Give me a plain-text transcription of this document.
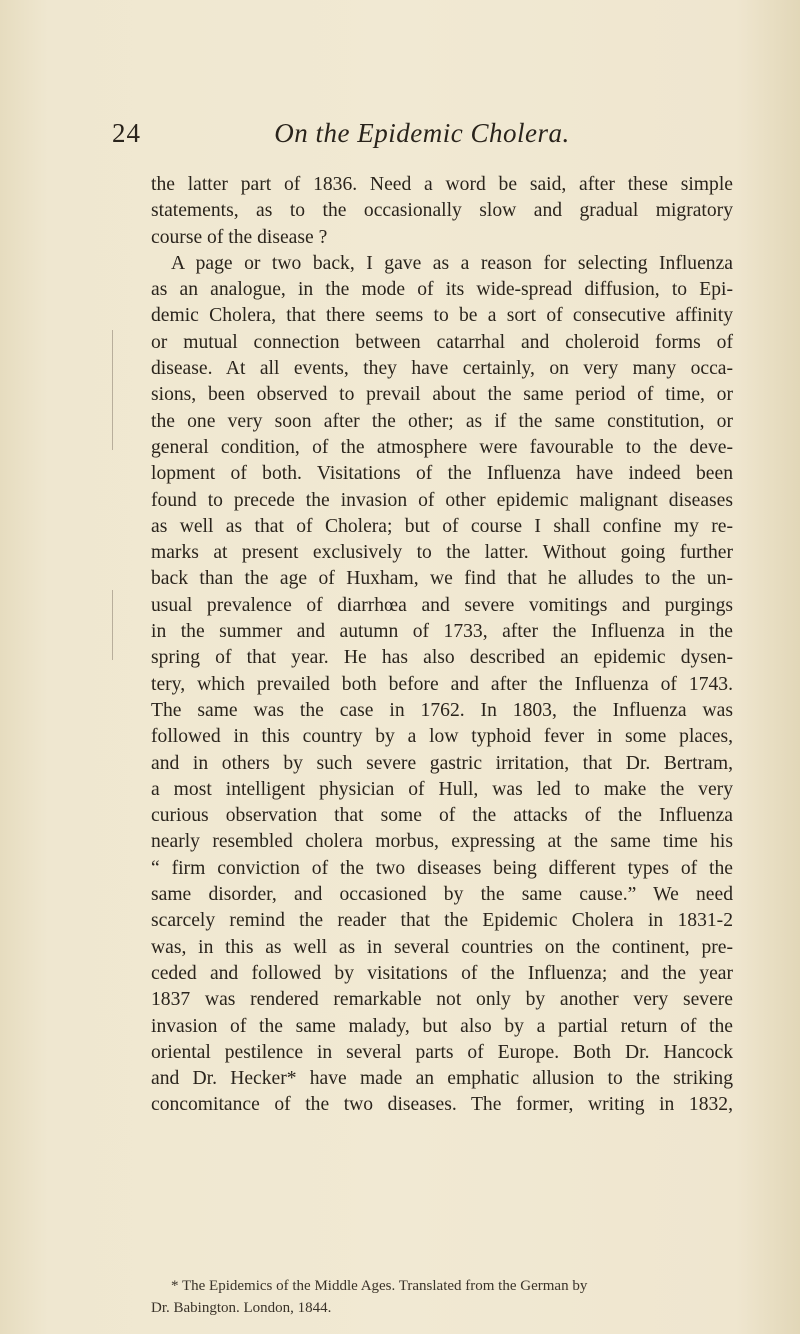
24	On the Epidemic Cholera.
the latter part of 1836. Need a word be said, after these simple
statements, as to the occasionally slow and gradual migratory
course of the disease ?
A page or two back, I gave as a reason for selecting Influenza
as an analogue, in the mode of its wide-spread diffusion, to Epi-
demic Cholera, that there seems to be a sort of consecutive affinity
or mutual connection between catarrhal and choleroid forms of
disease. At all events, they have certainly, on very many occa-
sions, been observed to prevail about the same period of time, or
the one very soon after the other; as if the same constitution, or
general condition, of the atmosphere were favourable to the deve-
lopment of both. Visitations of the Influenza have indeed been
found to precede the invasion of other epidemic malignant diseases
as well as that of Cholera; but of course I shall confine my re-
marks at present exclusively to the latter. Without going further
back than the age of Huxham, we find that he alludes to the un-
usual prevalence of diarrhœa and severe vomitings and purgings
in the summer and autumn of 1733, after the Influenza in the
spring of that year. He has also described an epidemic dysen-
tery, which prevailed both before and after the Influenza of 1743.
The same was the case in 1762. In 1803, the Influenza was
followed in this country by a low typhoid fever in some places,
and in others by such severe gastric irritation, that Dr. Bertram,
a most intelligent physician of Hull, was led to make the very
curious observation that some of the attacks of the Influenza
nearly resembled cholera morbus, expressing at the same time his
“ firm conviction of the two diseases being different types of the
same disorder, and occasioned by the same cause.” We need
scarcely remind the reader that the Epidemic Cholera in 1831-2
was, in this as well as in several countries on the continent, pre-
ceded and followed by visitations of the Influenza; and the year
1837 was rendered remarkable not only by another very severe
invasion of the same malady, but also by a partial return of the
oriental pestilence in several parts of Europe. Both Dr. Hancock
and Dr. Hecker* have made an emphatic allusion to the striking
concomitance of the two diseases. The former, writing in 1832,
* The Epidemics of the Middle Ages. Translated from the German by
Dr. Babington. London, 1844.
